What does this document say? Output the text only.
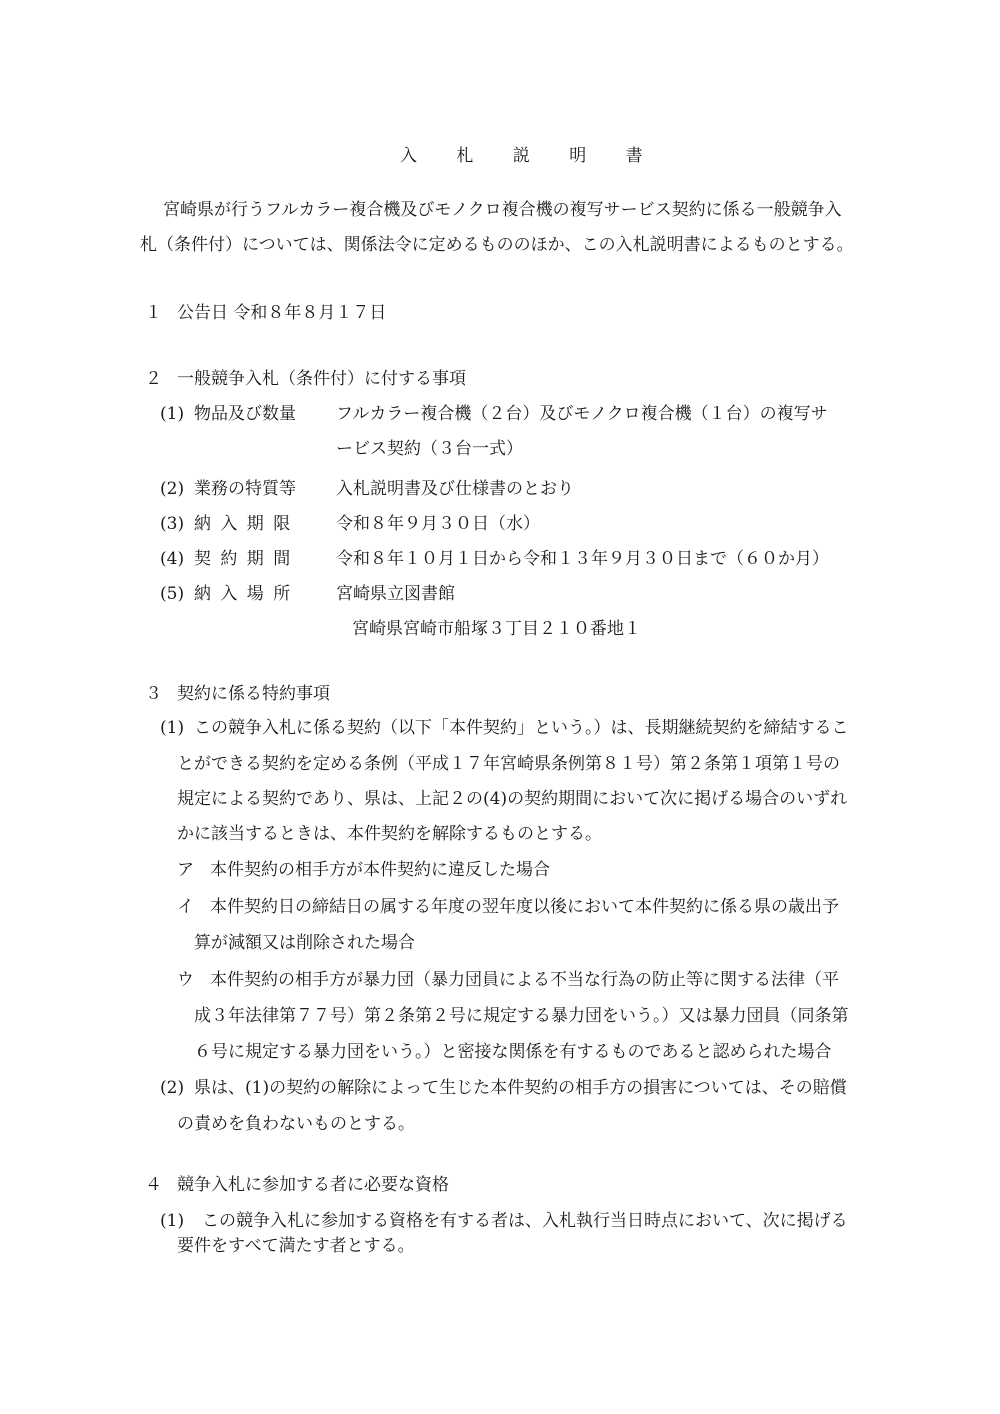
入 札 説 明 書
宮崎県が行うフルカラー複合機及びモノクロ複合機の複写サービス契約に係る一般競争入
札（条件付）については、関係法令に定めるもののほか、この入札説明書によるものとする。
１ 公告日 令和８年８月１７日
２ 一般競争入札（条件付）に付する事項
(1) 物品及び数量 フルカラー複合機（２台）及びモノクロ複合機（１台）の複写サ
ービス契約（３台一式）
(2) 業務の特質等 入札説明書及び仕様書のとおり
(3) 納 入 期 限	令和８年９月３０日（水）
(4) 契 約 期 間	令和８年１０月１日から令和１３年９月３０日まで（６０か月）
(5) 納 入 場 所	宮崎県立図書館
宮崎県宮崎市船塚３丁目２１０番地１
３ 契約に係る特約事項
(1) この競争入札に係る契約（以下「本件契約」という。）は、長期継続契約を締結するこ
とができる契約を定める条例（平成１７年宮崎県条例第８１号）第２条第１項第１号の
規定による契約であり、県は、上記２の(4)の契約期間において次に掲げる場合のいずれ
かに該当するときは、本件契約を解除するものとする。
ア 本件契約の相手方が本件契約に違反した場合
イ 本件契約日の締結日の属する年度の翌年度以後において本件契約に係る県の歳出予
算が減額又は削除された場合
ウ 本件契約の相手方が暴力団（暴力団員による不当な行為の防止等に関する法律（平
成３年法律第７７号）第２条第２号に規定する暴力団をいう。）又は暴力団員（同条第
６号に規定する暴力団をいう。）と密接な関係を有するものであると認められた場合
(2) 県は、(1)の契約の解除によって生じた本件契約の相手方の損害については、その賠償
の責めを負わないものとする。
４ 競争入札に参加する者に必要な資格
(1) この競争入札に参加する資格を有する者は、入札執行当日時点において、次に掲げる
要件をすべて満たす者とする。
